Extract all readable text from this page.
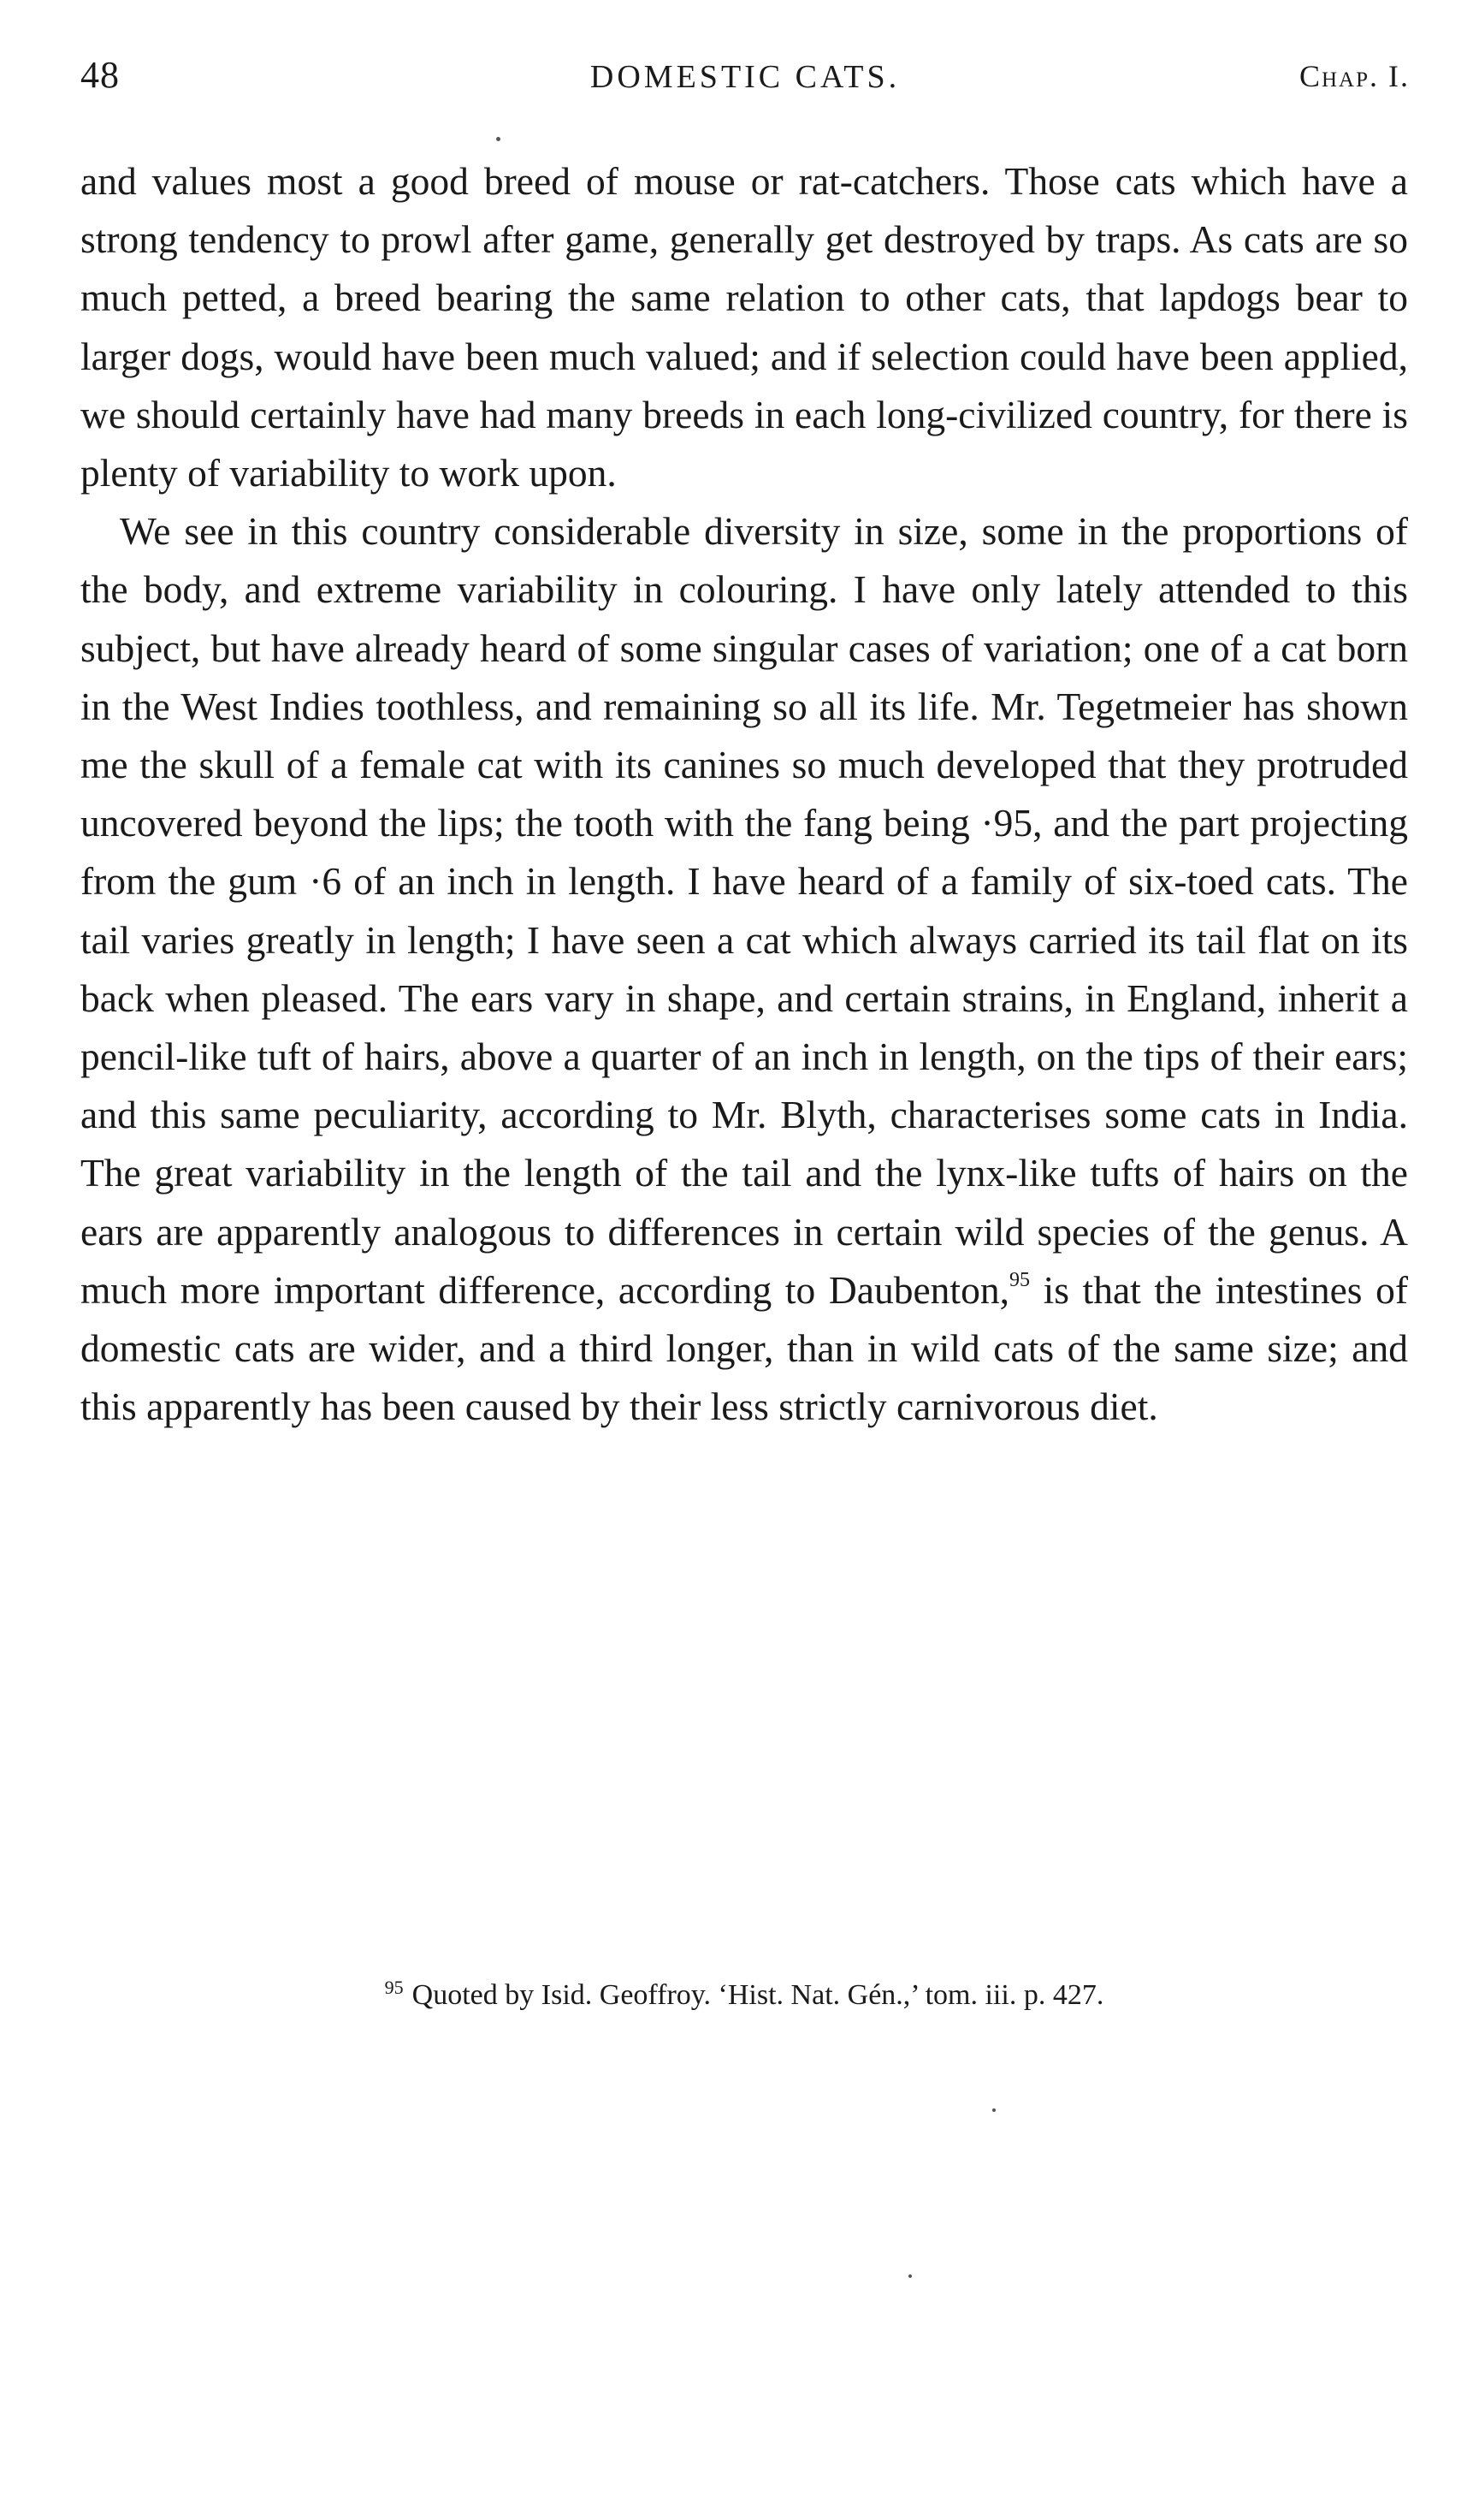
48	DOMESTIC CATS.	Chap. I.

and values most a good breed of mouse or rat-catchers. Those cats which have a strong tendency to prowl after game, generally get destroyed by traps. As cats are so much petted, a breed bearing the same relation to other cats, that lapdogs bear to larger dogs, would have been much valued; and if selection could have been applied, we should certainly have had many breeds in each long-civilized country, for there is plenty of variability to work upon.

We see in this country considerable diversity in size, some in the proportions of the body, and extreme variability in colouring. I have only lately attended to this subject, but have already heard of some singular cases of variation; one of a cat born in the West Indies toothless, and remaining so all its life. Mr. Tegetmeier has shown me the skull of a female cat with its canines so much developed that they protruded uncovered beyond the lips; the tooth with the fang being ·95, and the part projecting from the gum ·6 of an inch in length. I have heard of a family of six-toed cats. The tail varies greatly in length; I have seen a cat which always carried its tail flat on its back when pleased. The ears vary in shape, and certain strains, in England, inherit a pencil-like tuft of hairs, above a quarter of an inch in length, on the tips of their ears; and this same peculiarity, according to Mr. Blyth, characterises some cats in India. The great variability in the length of the tail and the lynx-like tufts of hairs on the ears are apparently analogous to differences in certain wild species of the genus. A much more important difference, according to Daubenton,$^{95}$ is that the intestines of domestic cats are wider, and a third longer, than in wild cats of the same size; and this apparently has been caused by their less strictly carnivorous diet.

$^{95}$ Quoted by Isid. Geoffroy. ‘Hist. Nat. Gén.,’ tom. iii. p. 427.
